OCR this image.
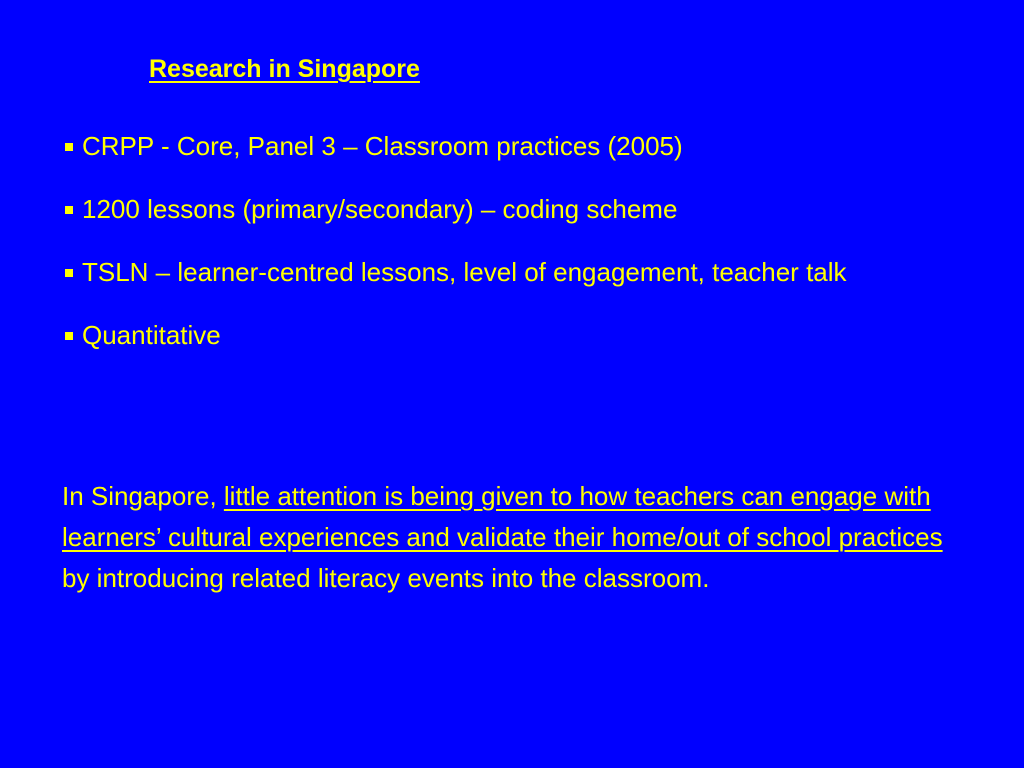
Research in Singapore
CRPP - Core, Panel 3 – Classroom practices (2005)
1200 lessons (primary/secondary) – coding scheme
TSLN – learner-centred lessons, level of engagement, teacher talk
Quantitative

In Singapore, little attention is being given to how teachers can engage with learners’ cultural experiences and validate their home/out of school practices by introducing related literacy events into the classroom.
